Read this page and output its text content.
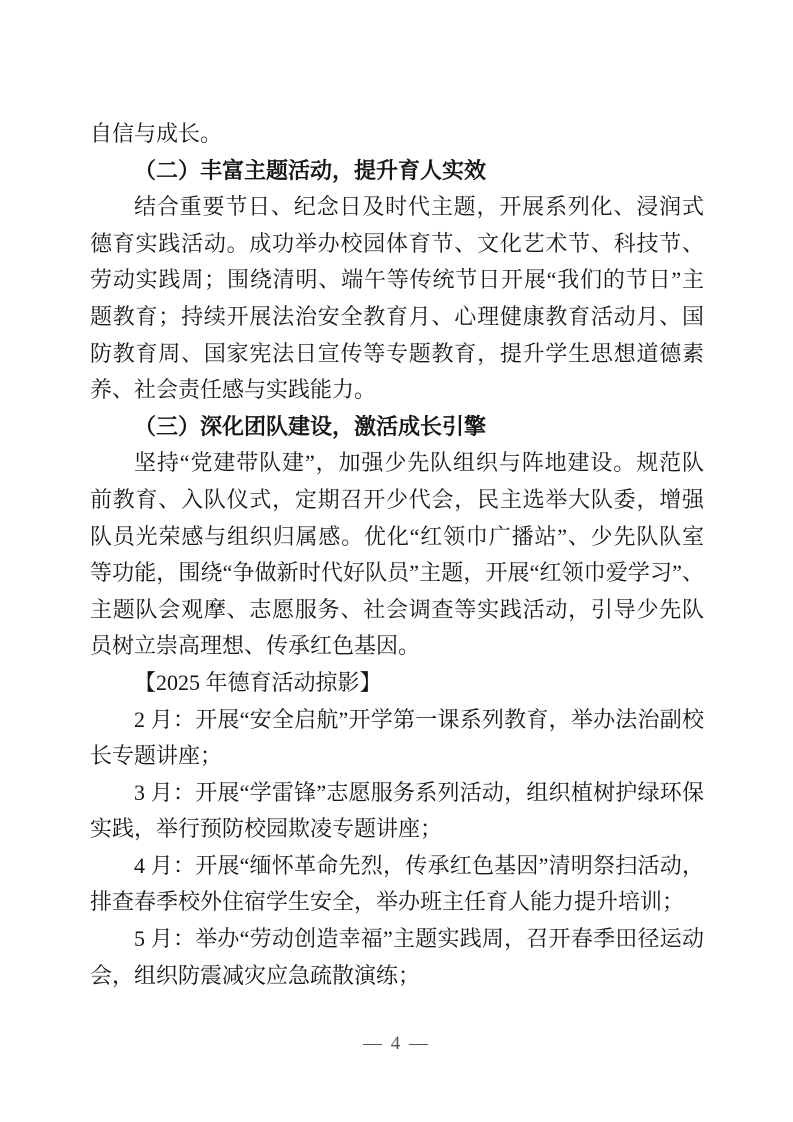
自信与成长。
（二）丰富主题活动，提升育人实效
结合重要节日、纪念日及时代主题，开展系列化、浸润式
德育实践活动。成功举办校园体育节、文化艺术节、科技节、
劳动实践周；围绕清明、端午等传统节日开展“我们的节日”主
题教育；持续开展法治安全教育月、心理健康教育活动月、国
防教育周、国家宪法日宣传等专题教育，提升学生思想道德素
养、社会责任感与实践能力。
（三）深化团队建设，激活成长引擎
坚持“党建带队建”，加强少先队组织与阵地建设。规范队
前教育、入队仪式，定期召开少代会，民主选举大队委，增强
队员光荣感与组织归属感。优化“红领巾广播站”、少先队队室
等功能，围绕“争做新时代好队员”主题，开展“红领巾爱学习”、
主题队会观摩、志愿服务、社会调查等实践活动，引导少先队
员树立崇高理想、传承红色基因。
【2025 年德育活动掠影】
2 月：开展“安全启航”开学第一课系列教育，举办法治副校
长专题讲座；
3 月：开展“学雷锋”志愿服务系列活动，组织植树护绿环保
实践，举行预防校园欺凌专题讲座；
4 月：开展“缅怀革命先烈，传承红色基因”清明祭扫活动，
排查春季校外住宿学生安全，举办班主任育人能力提升培训；
5 月：举办“劳动创造幸福”主题实践周，召开春季田径运动
会，组织防震减灾应急疏散演练；
— 4 —
